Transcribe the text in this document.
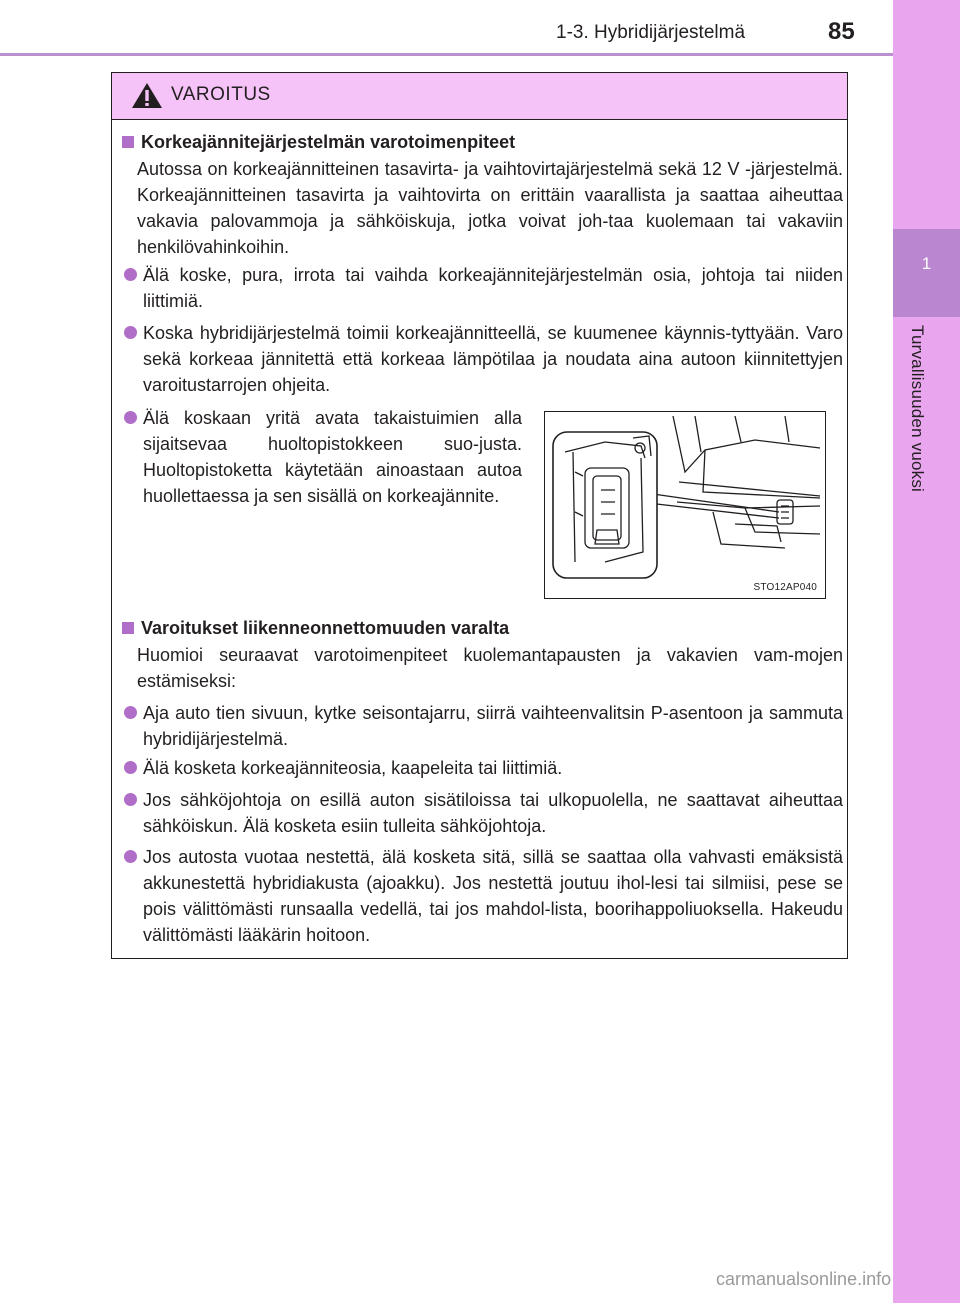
1-3. Hybridijärjestelmä	85
1
Turvallisuuden vuoksi
VAROITUS
Korkeajännitejärjestelmän varotoimenpiteet

Autossa on korkeajännitteinen tasavirta- ja vaihtovirtajärjestelmä sekä 12 V -järjestelmä. Korkeajännitteinen tasavirta ja vaihtovirta on erittäin vaarallista ja saattaa aiheuttaa vakavia palovammoja ja sähköiskuja, jotka voivat joh-taa kuolemaan tai vakaviin henkilövahinkoihin.

Älä koske, pura, irrota tai vaihda korkeajännitejärjestelmän osia, johtoja tai niiden liittimiä.
Koska hybridijärjestelmä toimii korkeajännitteellä, se kuumenee käynnis-tyttyään. Varo sekä korkeaa jännitettä että korkeaa lämpötilaa ja noudata aina autoon kiinnitettyjen varoitustarrojen ohjeita.
Älä koskaan yritä avata takaistuimien alla sijaitsevaa huoltopistokkeen suo-justa. Huoltopistoketta käytetään ainoastaan autoa huollettaessa ja sen sisällä on korkeajännite.
STO12AP040
Varoitukset liikenneonnettomuuden varalta

Huomioi seuraavat varotoimenpiteet kuolemantapausten ja vakavien vam-mojen estämiseksi:

Aja auto tien sivuun, kytke seisontajarru, siirrä vaihteenvalitsin P-asentoon ja sammuta hybridijärjestelmä.
Älä kosketa korkeajänniteosia, kaapeleita tai liittimiä.
Jos sähköjohtoja on esillä auton sisätiloissa tai ulkopuolella, ne saattavat aiheuttaa sähköiskun. Älä kosketa esiin tulleita sähköjohtoja.
Jos autosta vuotaa nestettä, älä kosketa sitä, sillä se saattaa olla vahvasti emäksistä akkunestettä hybridiakusta (ajoakku). Jos nestettä joutuu ihol-lesi tai silmiisi, pese se pois välittömästi runsaalla vedellä, tai jos mahdol-lista, boorihappoliuoksella. Hakeudu välittömästi lääkärin hoitoon.
carmanualsonline.info
